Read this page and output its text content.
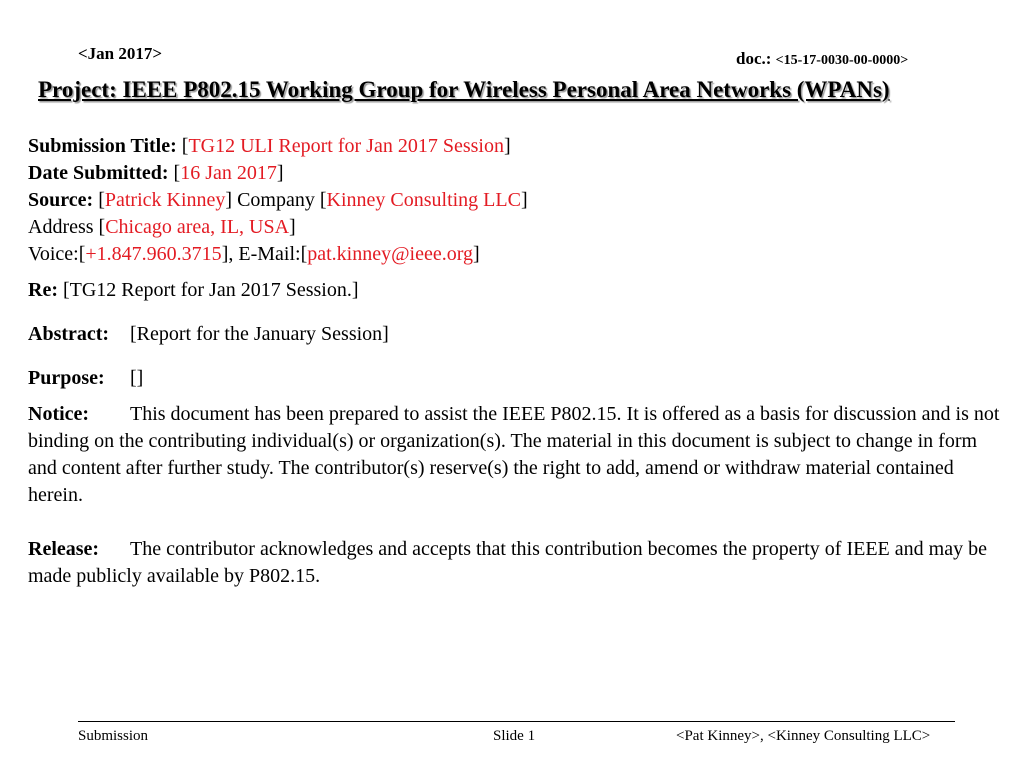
<Jan 2017>	doc.: <15-17-0030-00-0000>
Project: IEEE P802.15 Working Group for Wireless Personal Area Networks (WPANs)
Submission Title: [TG12 ULI Report for Jan 2017 Session]
Date Submitted: [16 Jan 2017]
Source: [Patrick Kinney] Company [Kinney Consulting LLC]
Address [Chicago area, IL, USA]
Voice:[+1.847.960.3715], E-Mail:[pat.kinney@ieee.org]
Re: [TG12 Report for Jan 2017 Session.]
Abstract: [Report for the January Session]
Purpose: []
Notice: This document has been prepared to assist the IEEE P802.15. It is offered as a basis for discussion and is not binding on the contributing individual(s) or organization(s). The material in this document is subject to change in form and content after further study. The contributor(s) reserve(s) the right to add, amend or withdraw material contained herein.
Release: The contributor acknowledges and accepts that this contribution becomes the property of IEEE and may be made publicly available by P802.15.
Submission	Slide 1	<Pat Kinney>, <Kinney Consulting LLC>
